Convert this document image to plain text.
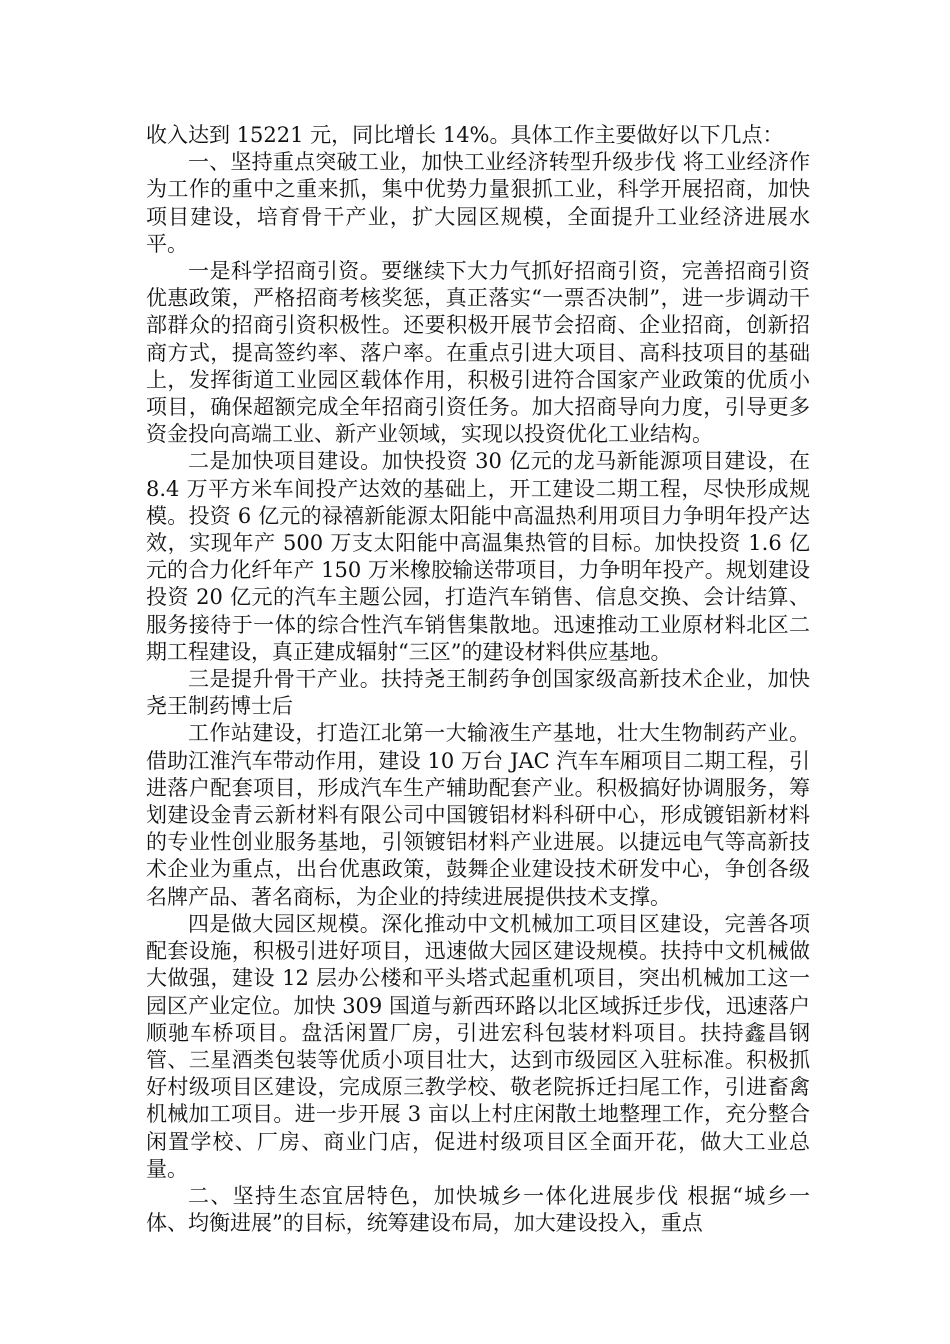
收入达到 15221 元，同比增长 14%。具体工作主要做好以下几点：

一、坚持重点突破工业，加快工业经济转型升级步伐 将工业经济作为工作的重中之重来抓，集中优势力量狠抓工业，科学开展招商，加快项目建设，培育骨干产业，扩大园区规模，全面提升工业经济进展水平。

一是科学招商引资。要继续下大力气抓好招商引资，完善招商引资优惠政策，严格招商考核奖惩，真正落实“一票否决制”，进一步调动干部群众的招商引资积极性。还要积极开展节会招商、企业招商，创新招商方式，提高签约率、落户率。在重点引进大项目、高科技项目的基础上，发挥街道工业园区载体作用，积极引进符合国家产业政策的优质小项目，确保超额完成全年招商引资任务。加大招商导向力度，引导更多资金投向高端工业、新产业领域，实现以投资优化工业结构。

二是加快项目建设。加快投资 30 亿元的龙马新能源项目建设，在 8.4 万平方米车间投产达效的基础上，开工建设二期工程，尽快形成规模。投资 6 亿元的禄禧新能源太阳能中高温热利用项目力争明年投产达效，实现年产 500 万支太阳能中高温集热管的目标。加快投资 1.6 亿元的合力化纤年产 150 万米橡胶输送带项目，力争明年投产。规划建设投资 20 亿元的汽车主题公园，打造汽车销售、信息交换、会计结算、服务接待于一体的综合性汽车销售集散地。迅速推动工业原材料北区二期工程建设，真正建成辐射“三区”的建设材料供应基地。

三是提升骨干产业。扶持尧王制药争创国家级高新技术企业，加快尧王制药博士后

工作站建设，打造江北第一大输液生产基地，壮大生物制药产业。借助江淮汽车带动作用，建设 10 万台 JAC 汽车车厢项目二期工程，引进落户配套项目，形成汽车生产辅助配套产业。积极搞好协调服务，筹划建设金青云新材料有限公司中国镀铝材料科研中心，形成镀铝新材料的专业性创业服务基地，引领镀铝材料产业进展。以捷远电气等高新技术企业为重点，出台优惠政策，鼓舞企业建设技术研发中心，争创各级名牌产品、著名商标，为企业的持续进展提供技术支撑。

四是做大园区规模。深化推动中文机械加工项目区建设，完善各项配套设施，积极引进好项目，迅速做大园区建设规模。扶持中文机械做大做强，建设 12 层办公楼和平头塔式起重机项目，突出机械加工这一园区产业定位。加快 309 国道与新西环路以北区域拆迁步伐，迅速落户顺驰车桥项目。盘活闲置厂房，引进宏科包装材料项目。扶持鑫昌钢管、三星酒类包装等优质小项目壮大，达到市级园区入驻标准。积极抓好村级项目区建设，完成原三教学校、敬老院拆迁扫尾工作，引进畜禽机械加工项目。进一步开展 3 亩以上村庄闲散土地整理工作，充分整合闲置学校、厂房、商业门店，促进村级项目区全面开花，做大工业总量。

二、坚持生态宜居特色，加快城乡一体化进展步伐 根据“城乡一体、均衡进展”的目标，统筹建设布局，加大建设投入，重点
